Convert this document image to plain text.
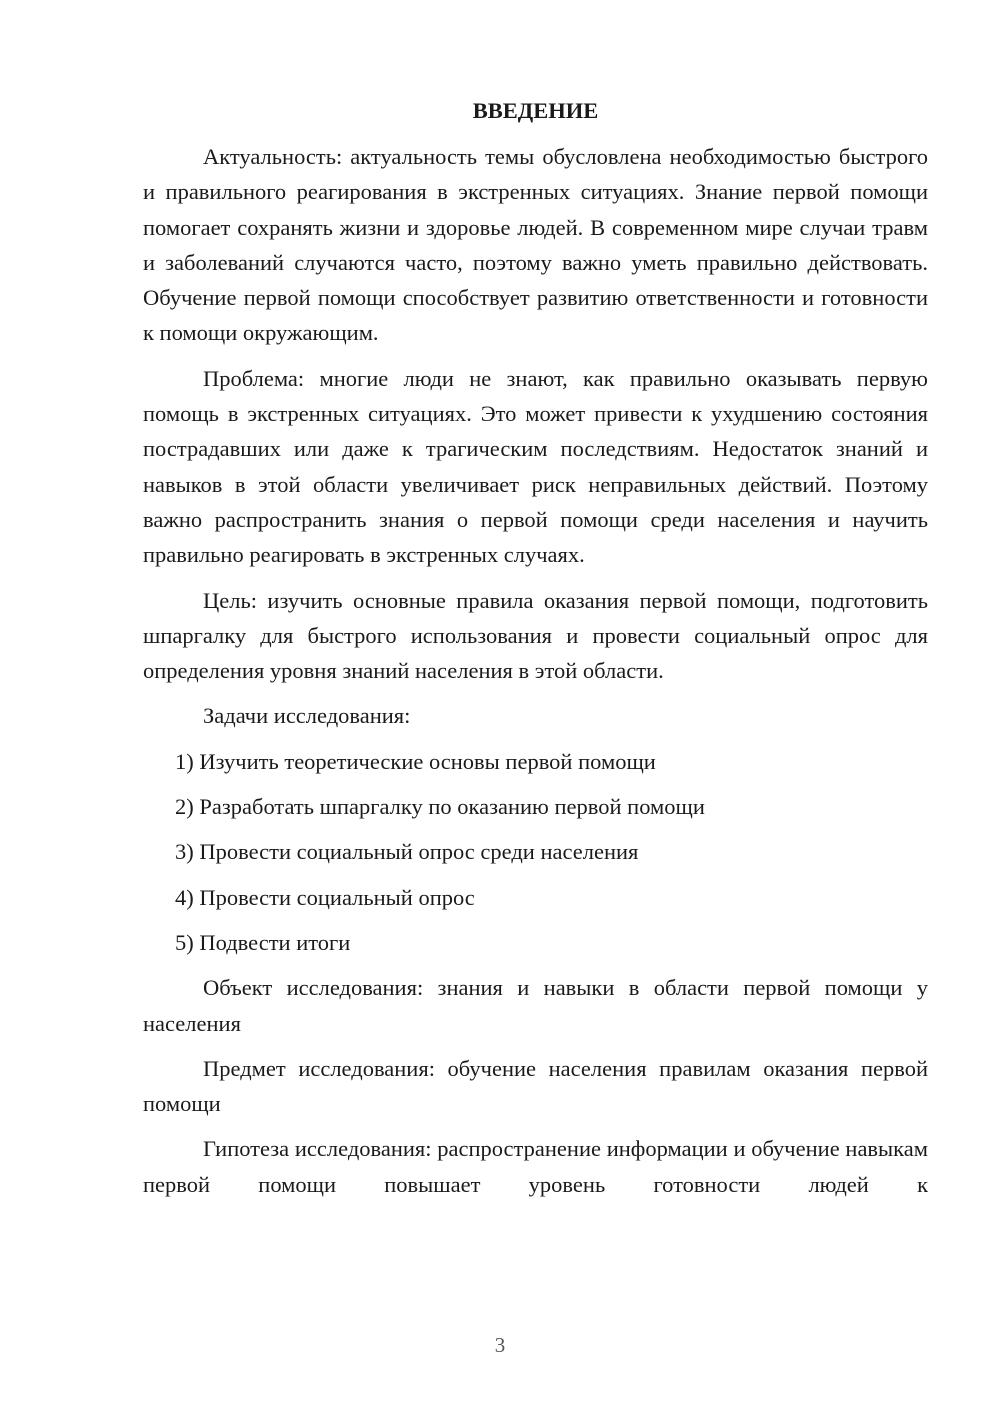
ВВЕДЕНИЕ

Актуальность: актуальность темы обусловлена необходимостью быстрого и правильного реагирования в экстренных ситуациях. Знание первой помощи помогает сохранять жизни и здоровье людей. В современном мире случаи травм и заболеваний случаются часто, поэтому важно уметь правильно действовать. Обучение первой помощи способствует развитию ответственности и готовности к помощи окружающим.

Проблема: многие люди не знают, как правильно оказывать первую помощь в экстренных ситуациях. Это может привести к ухудшению состояния пострадавших или даже к трагическим последствиям. Недостаток знаний и навыков в этой области увеличивает риск неправильных действий. Поэтому важно распространить знания о первой помощи среди населения и научить правильно реагировать в экстренных случаях.

Цель: изучить основные правила оказания первой помощи, подготовить шпаргалку для быстрого использования и провести социальный опрос для определения уровня знаний населения в этой области.

Задачи исследования:

1) Изучить теоретические основы первой помощи

2) Разработать шпаргалку по оказанию первой помощи

3) Провести социальный опрос среди населения

4) Провести социальный опрос

5) Подвести итоги

Объект исследования: знания и навыки в области первой помощи у населения

Предмет исследования: обучение населения правилам оказания первой помощи

Гипотеза исследования: распространение информации и обучение навыкам первой помощи повышает уровень готовности людей к

3
